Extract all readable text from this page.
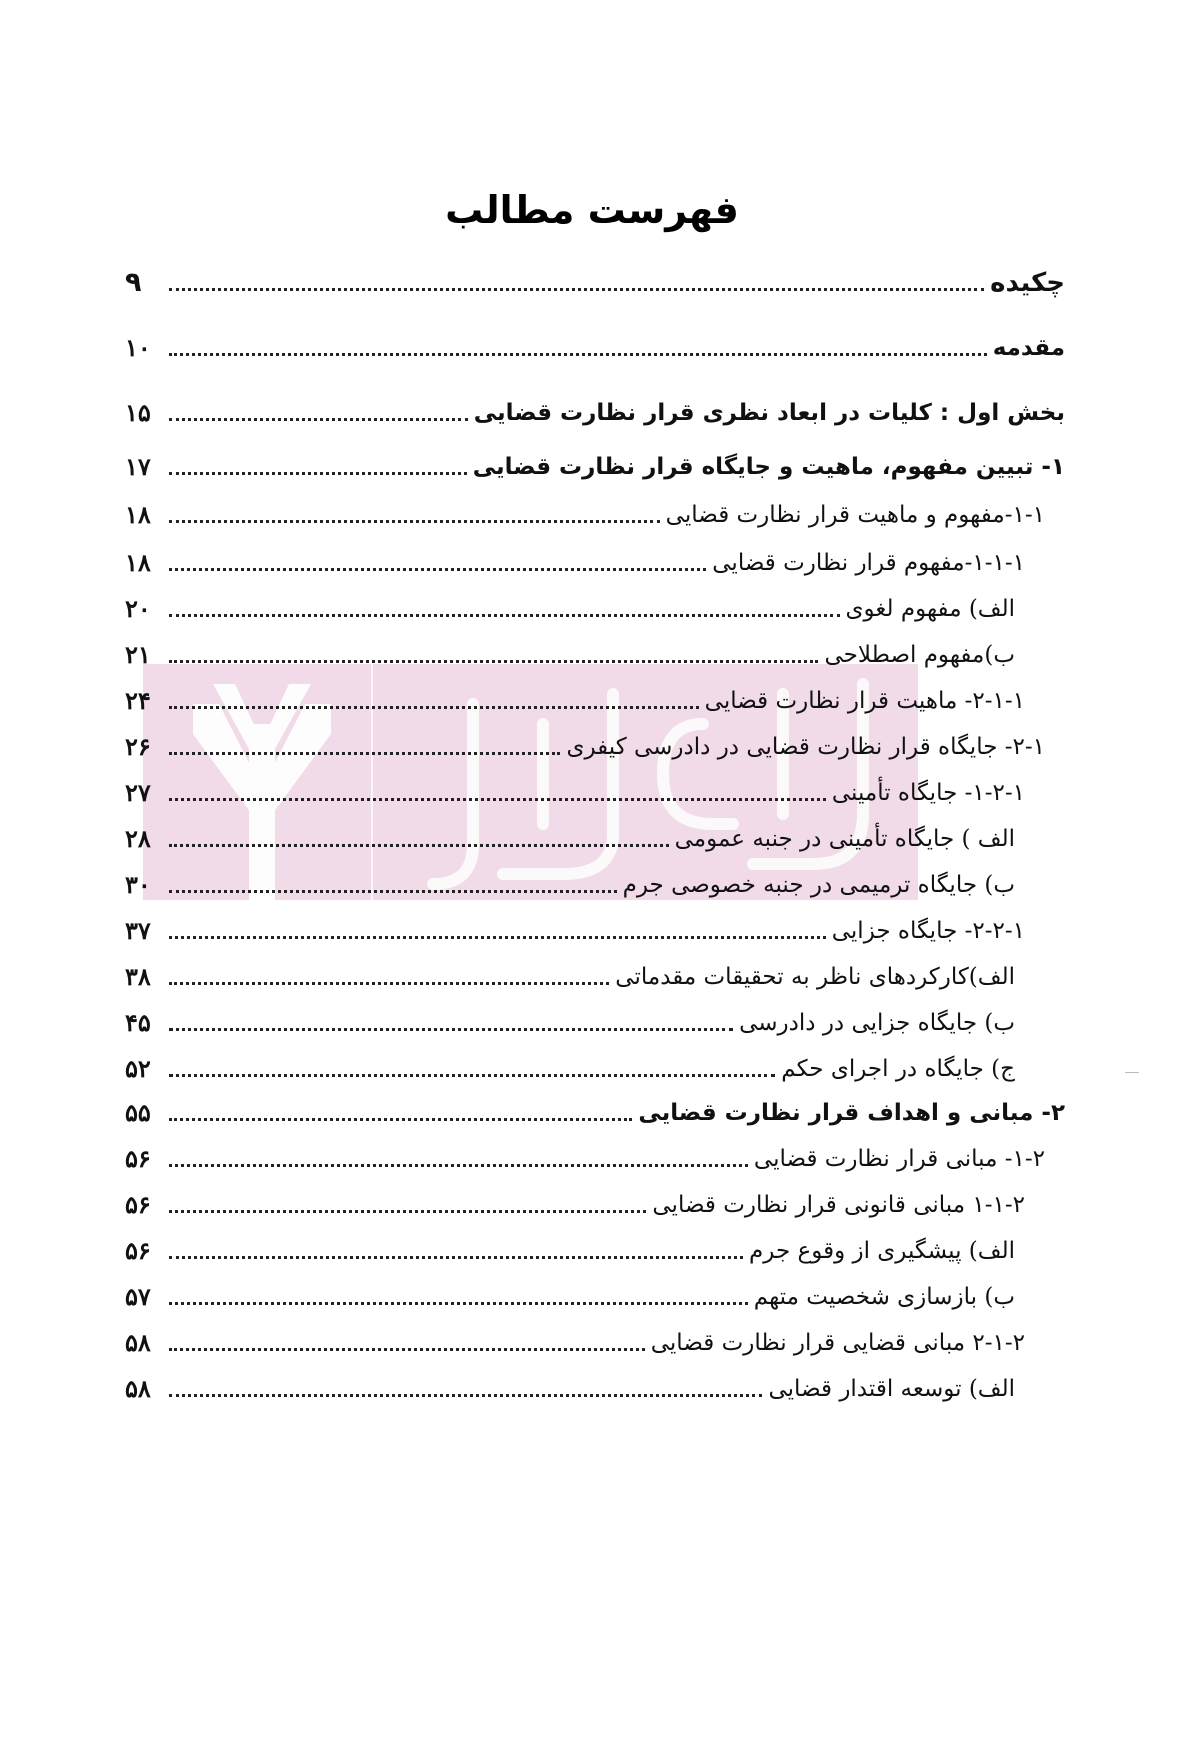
فهرست مطالب
چکیده
۹
مقدمه
۱۰
بخش اول : کلیات در ابعاد نظری قرار نظارت قضایی
۱۵
۱- تبیین مفهوم، ماهیت و جایگاه قرار نظارت قضایی
۱۷
۱-۱-مفهوم و ماهیت قرار نظارت قضایی
۱۸
۱-۱-۱-مفهوم قرار نظارت قضایی
۱۸
الف) مفهوم لغوی
۲۰
ب)مفهوم اصطلاحی
۲۱
۲-۱-۱- ماهیت قرار نظارت قضایی
۲۴
۲-۱- جایگاه قرار نظارت قضایی در دادرسی کیفری
۲۶
۱-۲-۱- جایگاه تأمینی
۲۷
الف ) جایگاه تأمینی در جنبه عمومی
۲۸
ب) جایگاه ترمیمی در جنبه خصوصی جرم
۳۰
۲-۲-۱- جایگاه جزایی
۳۷
الف)کارکردهای ناظر به تحقیقات مقدماتی
۳۸
ب) جایگاه جزایی در دادرسی
۴۵
ج) جایگاه در اجرای حکم
۵۲
۲- مبانی و اهداف قرار نظارت قضایی
۵۵
۱-۲- مبانی قرار نظارت قضایی
۵۶
۱-۱-۲ مبانی قانونی قرار نظارت قضایی
۵۶
الف) پیشگیری از وقوع جرم
۵۶
ب) بازسازی شخصیت متهم
۵۷
۲-۱-۲ مبانی قضایی قرار نظارت قضایی
۵۸
الف) توسعه اقتدار قضایی
۵۸
